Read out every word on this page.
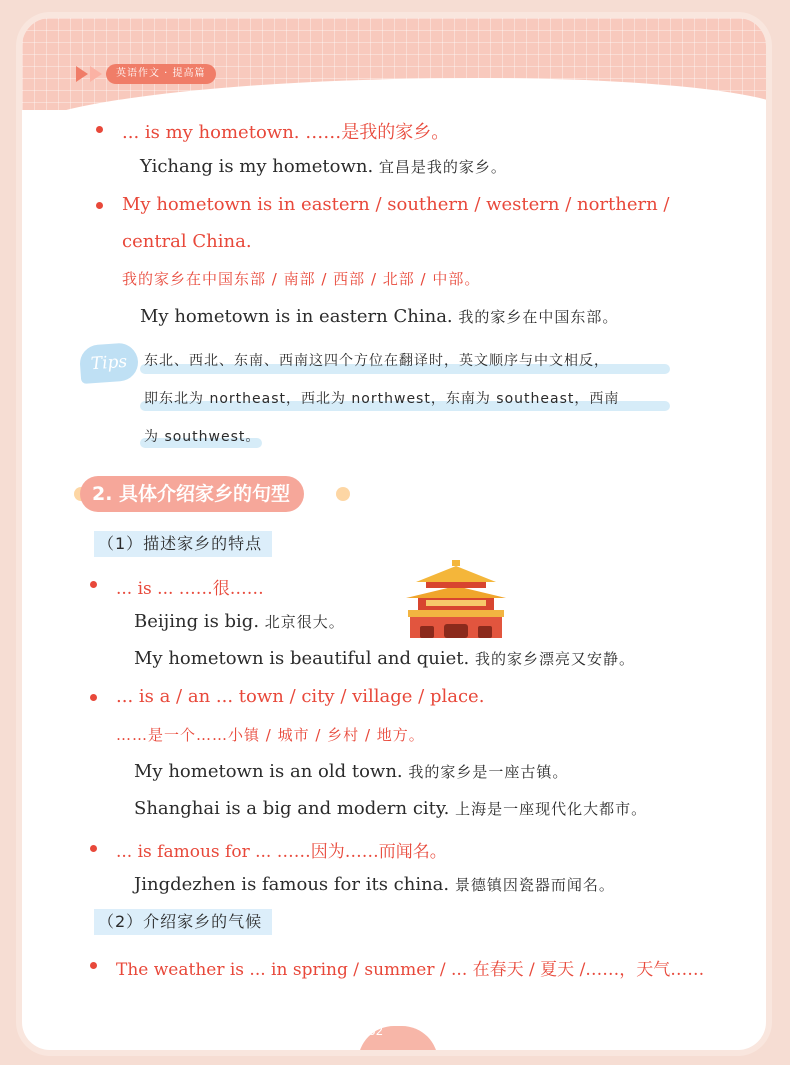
英语作文 · 提高篇
... is my hometown. ……是我的家乡。
Yichang is my hometown. 宜昌是我的家乡。
My hometown is in eastern / southern / western / northern /
central China.
我的家乡在中国东部 / 南部 / 西部 / 北部 / 中部。
My hometown is in eastern China. 我的家乡在中国东部。
Tips	东北、西北、东南、西南这四个方位在翻译时，英文顺序与中文相反，
即东北为 northeast，西北为 northwest，东南为 southeast，西南
为 southwest。
2. 具体介绍家乡的句型
（1）描述家乡的特点
... is ... ……很……
Beijing is big. 北京很大。
My hometown is beautiful and quiet. 我的家乡漂亮又安静。
... is a / an ... town / city / village / place.
……是一个……小镇 / 城市 / 乡村 / 地方。
My hometown is an old town. 我的家乡是一座古镇。
Shanghai is a big and modern city. 上海是一座现代化大都市。
... is famous for ... ……因为……而闻名。
Jingdezhen is famous for its china. 景德镇因瓷器而闻名。
（2）介绍家乡的气候
The weather is ... in spring / summer / ... 在春天 / 夏天 /……，天气……
62
